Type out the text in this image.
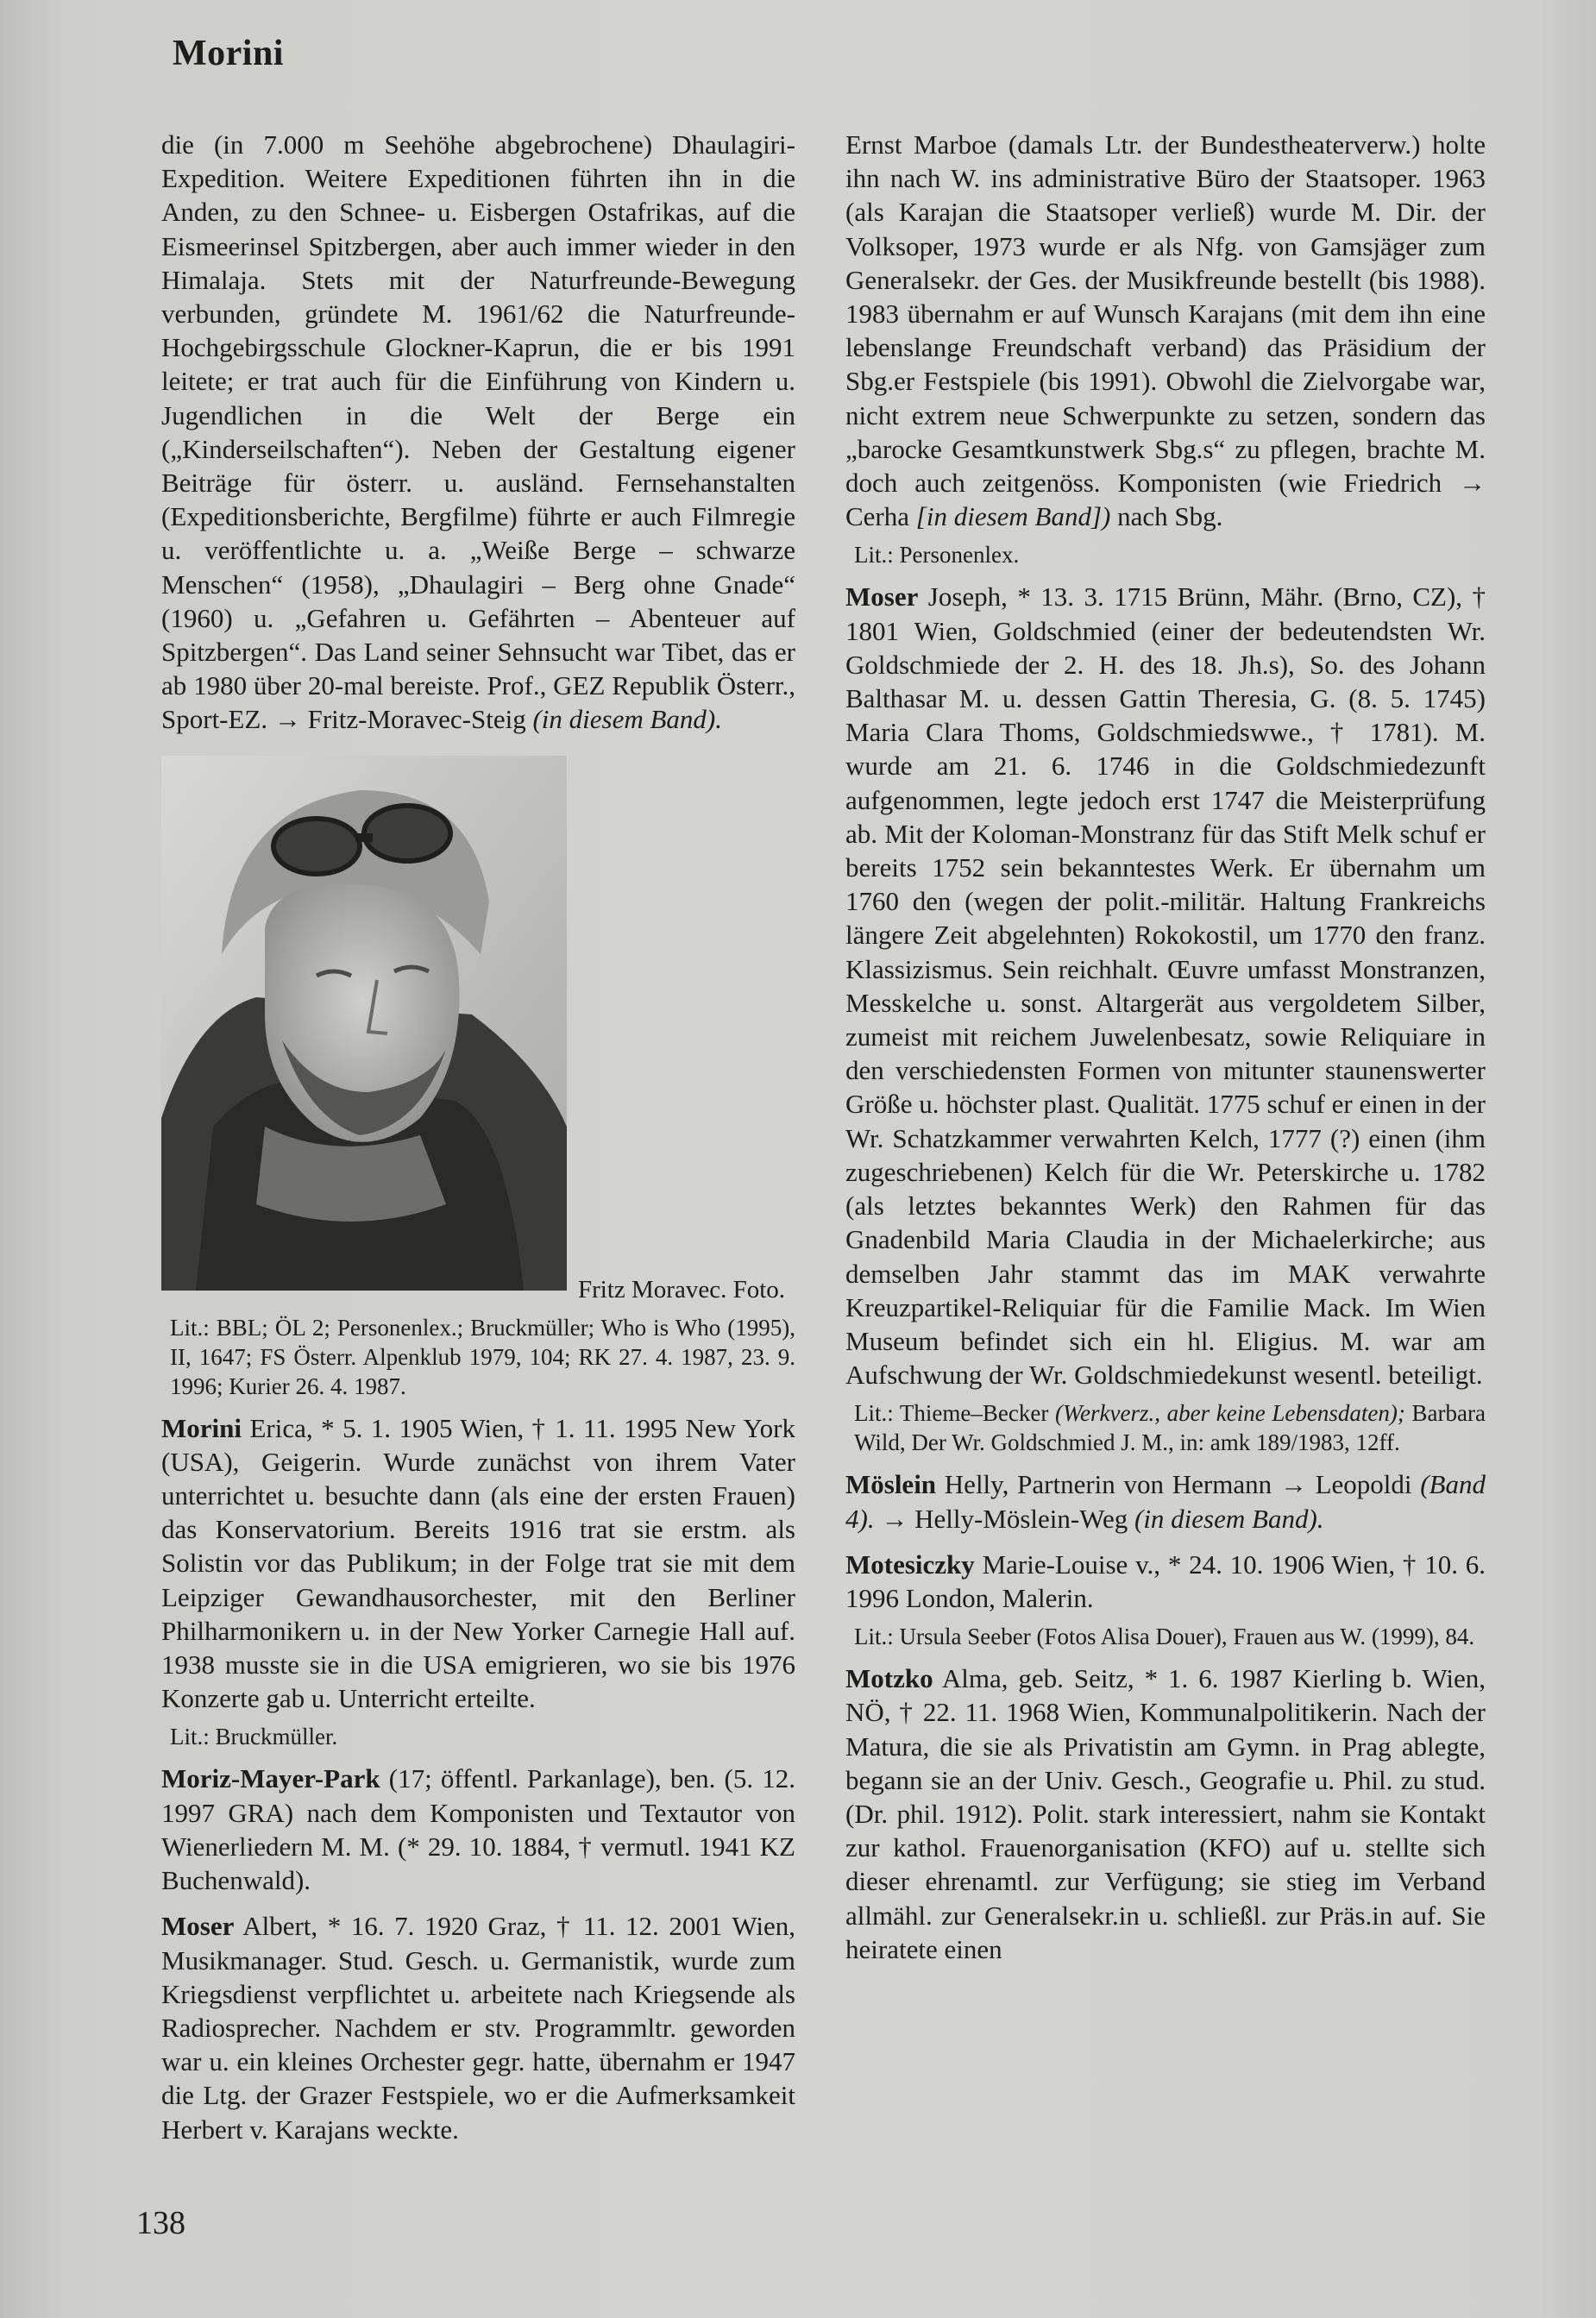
Morini

die (in 7.000 m Seehöhe abgebrochene) Dhaulagiri-Expedition. Weitere Expeditionen führten ihn in die Anden, zu den Schnee- u. Eisbergen Ostafrikas, auf die Eismeerinsel Spitzbergen, aber auch immer wieder in den Himalaja. Stets mit der Naturfreunde-Bewegung verbunden, gründete M. 1961/62 die Naturfreunde-Hochgebirgsschule Glockner-Kaprun, die er bis 1991 leitete; er trat auch für die Einführung von Kindern u. Jugendlichen in die Welt der Berge ein („Kinderseilschaften“). Neben der Gestaltung eigener Beiträge für österr. u. ausländ. Fernsehanstalten (Expeditionsberichte, Bergfilme) führte er auch Filmregie u. veröffentlichte u. a. „Weiße Berge – schwarze Menschen“ (1958), „Dhaulagiri – Berg ohne Gnade“ (1960) u. „Gefahren u. Gefährten – Abenteuer auf Spitzbergen“. Das Land seiner Sehnsucht war Tibet, das er ab 1980 über 20-mal bereiste. Prof., GEZ Republik Österr., Sport-EZ. → Fritz-Moravec-Steig (in diesem Band).

Fritz Moravec. Foto.

Lit.: BBL; ÖL 2; Personenlex.; Bruckmüller; Who is Who (1995), II, 1647; FS Österr. Alpenklub 1979, 104; RK 27. 4. 1987, 23. 9. 1996; Kurier 26. 4. 1987.

Morini Erica, * 5. 1. 1905 Wien, † 1. 11. 1995 New York (USA), Geigerin. Wurde zunächst von ihrem Vater unterrichtet u. besuchte dann (als eine der ersten Frauen) das Konservatorium. Bereits 1916 trat sie erstm. als Solistin vor das Publikum; in der Folge trat sie mit dem Leipziger Gewandhausorchester, mit den Berliner Philharmonikern u. in der New Yorker Carnegie Hall auf. 1938 musste sie in die USA emigrieren, wo sie bis 1976 Konzerte gab u. Unterricht erteilte.

Lit.: Bruckmüller.

Moriz-Mayer-Park (17; öffentl. Parkanlage), ben. (5. 12. 1997 GRA) nach dem Komponisten und Textautor von Wienerliedern M. M. (* 29. 10. 1884, † vermutl. 1941 KZ Buchenwald).

Moser Albert, * 16. 7. 1920 Graz, † 11. 12. 2001 Wien, Musikmanager. Stud. Gesch. u. Germanistik, wurde zum Kriegsdienst verpflichtet u. arbeitete nach Kriegsende als Radiosprecher. Nachdem er stv. Programmltr. geworden war u. ein kleines Orchester gegr. hatte, übernahm er 1947 die Ltg. der Grazer Festspiele, wo er die Aufmerksamkeit Herbert v. Karajans weckte.

Ernst Marboe (damals Ltr. der Bundestheaterverw.) holte ihn nach W. ins administrative Büro der Staatsoper. 1963 (als Karajan die Staatsoper verließ) wurde M. Dir. der Volksoper, 1973 wurde er als Nfg. von Gamsjäger zum Generalsekr. der Ges. der Musikfreunde bestellt (bis 1988). 1983 übernahm er auf Wunsch Karajans (mit dem ihn eine lebenslange Freundschaft verband) das Präsidium der Sbg.er Festspiele (bis 1991). Obwohl die Zielvorgabe war, nicht extrem neue Schwerpunkte zu setzen, sondern das „barocke Gesamtkunstwerk Sbg.s“ zu pflegen, brachte M. doch auch zeitgenöss. Komponisten (wie Friedrich → Cerha [in diesem Band]) nach Sbg.

Lit.: Personenlex.

Moser Joseph, * 13. 3. 1715 Brünn, Mähr. (Brno, CZ), † 1801 Wien, Goldschmied (einer der bedeutendsten Wr. Goldschmiede der 2. H. des 18. Jh.s), So. des Johann Balthasar M. u. dessen Gattin Theresia, G. (8. 5. 1745) Maria Clara Thoms, Goldschmiedswwe., † 1781). M. wurde am 21. 6. 1746 in die Goldschmiedezunft aufgenommen, legte jedoch erst 1747 die Meisterprüfung ab. Mit der Koloman-Monstranz für das Stift Melk schuf er bereits 1752 sein bekanntestes Werk. Er übernahm um 1760 den (wegen der polit.-militär. Haltung Frankreichs längere Zeit abgelehnten) Rokokostil, um 1770 den franz. Klassizismus. Sein reichhalt. Œuvre umfasst Monstranzen, Messkelche u. sonst. Altargerät aus vergoldetem Silber, zumeist mit reichem Juwelenbesatz, sowie Reliquiare in den verschiedensten Formen von mitunter staunenswerter Größe u. höchster plast. Qualität. 1775 schuf er einen in der Wr. Schatzkammer verwahrten Kelch, 1777 (?) einen (ihm zugeschriebenen) Kelch für die Wr. Peterskirche u. 1782 (als letztes bekanntes Werk) den Rahmen für das Gnadenbild Maria Claudia in der Michaelerkirche; aus demselben Jahr stammt das im MAK verwahrte Kreuzpartikel-Reliquiar für die Familie Mack. Im Wien Museum befindet sich ein hl. Eligius. M. war am Aufschwung der Wr. Goldschmiedekunst wesentl. beteiligt.

Lit.: Thieme–Becker (Werkverz., aber keine Lebensdaten); Barbara Wild, Der Wr. Goldschmied J. M., in: amk 189/1983, 12ff.

Möslein Helly, Partnerin von Hermann → Leopoldi (Band 4). → Helly-Möslein-Weg (in diesem Band).

Motesiczky Marie-Louise v., * 24. 10. 1906 Wien, † 10. 6. 1996 London, Malerin.

Lit.: Ursula Seeber (Fotos Alisa Douer), Frauen aus W. (1999), 84.

Motzko Alma, geb. Seitz, * 1. 6. 1987 Kierling b. Wien, NÖ, † 22. 11. 1968 Wien, Kommunalpolitikerin. Nach der Matura, die sie als Privatistin am Gymn. in Prag ablegte, begann sie an der Univ. Gesch., Geografie u. Phil. zu stud. (Dr. phil. 1912). Polit. stark interessiert, nahm sie Kontakt zur kathol. Frauenorganisation (KFO) auf u. stellte sich dieser ehrenamtl. zur Verfügung; sie stieg im Verband allmähl. zur Generalsekr.in u. schließl. zur Präs.in auf. Sie heiratete einen

138
